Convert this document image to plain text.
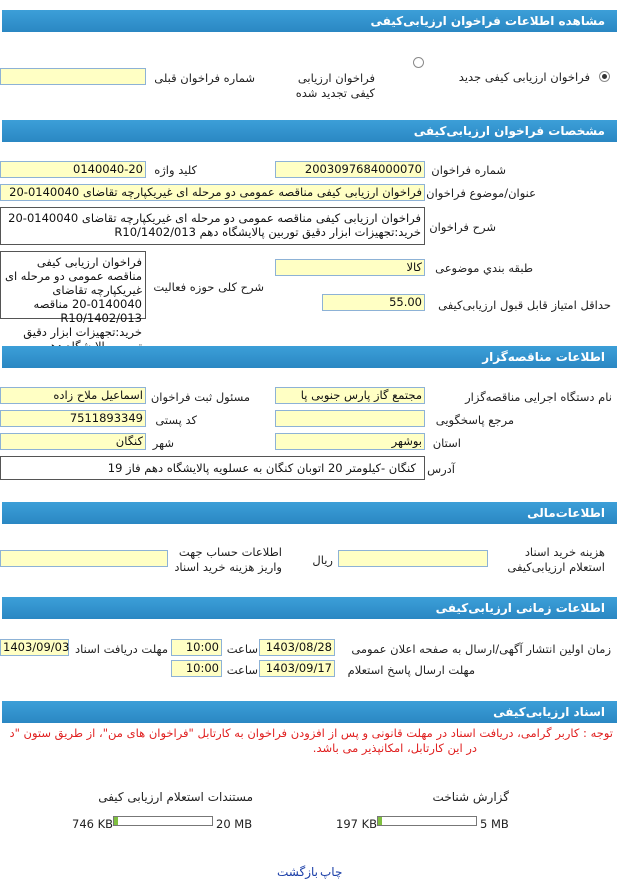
مشاهده اطلاعات فراخوان ارزیابی‌کیفی
فراخوان ارزیابی کیفی جدید
فراخوان ارزیابی کیفی تجدید شده
شماره فراخوان قبلی
مشخصات فراخوان ارزیابی‌کیفی
شماره فراخوان
2003097684000070
کلید واژه
0140040-20
عنوان/موضوع فراخوان
فراخوان ارزیابی کیفی مناقصه عمومی دو مرحله ای غیریکپارچه تقاضای 0140040-20
شرح فراخوان
فراخوان ارزیابی کیفی مناقصه عمومی دو مرحله ای غیریکپارچه تقاضای 0140040-20 خرید:تجهیزات ابزار دقیق توربین پالایشگاه دهم R10/1402/013
طبقه بندي موضوعی
کالا
شرح کلی حوزه فعالیت
فراخوان ارزیابی کیفی مناقصه عمومی دو مرحله ای غیریکپارچه تقاضای 0140040-20 مناقصه R10/1402/013 خرید:تجهیزات ابزار دقیق
حداقل امتیاز قابل قبول ارزیابی‌کیفی
55.00
اطلاعات مناقصه‌گزار
نام دستگاه اجرایی مناقصه‌گزار
مجتمع گاز پارس جنوبی پا
مسئول ثبت فراخوان
اسماعیل ملاح زاده
مرجع پاسخگویی
کد پستی
7511893349
استان
بوشهر
شهر
کنگان
آدرس
کنگان -کیلومتر 20 اتوبان کنگان به عسلویه پالایشگاه دهم فاز 19
اطلاعات‌مالی
هزینه خرید اسناد استعلام ارزیابی‌کیفی
ریال
اطلاعات حساب جهت واریز هزینه خرید اسناد
اطلاعات زمانی ارزیابی‌کیفی
زمان اولین انتشار آگهی/ارسال به صفحه اعلان عمومی
1403/08/28
ساعت
10:00
مهلت دریافت اسناد
1403/09/03
مهلت ارسال پاسخ استعلام
1403/09/17
ساعت
10:00
اسناد ارزیابی‌کیفی
توجه : کاربر گرامی، دریافت اسناد در مهلت قانونی و پس از افزودن فراخوان به کارتابل "فراخوان های من"، از طریق ستون "د
در این کارتابل، امکانپذیر می باشد.
گزارش شناخت
5 MB
197 KB
مستندات استعلام ارزیابی کیفی
20 MB
746 KB
چاپ
بازگشت
